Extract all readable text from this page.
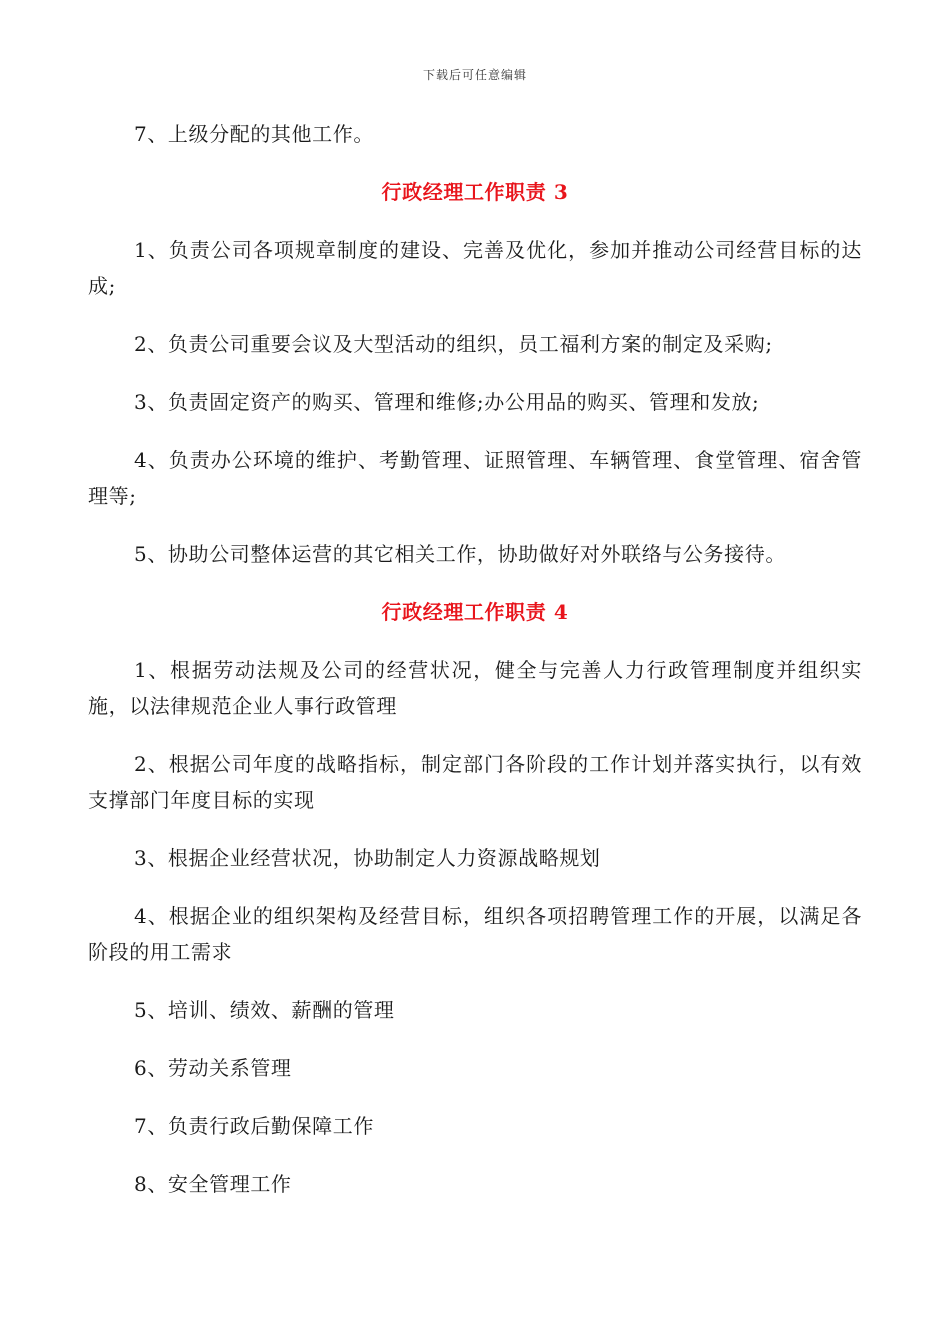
下载后可任意编辑

7、上级分配的其他工作。

行政经理工作职责 3

1、负责公司各项规章制度的建设、完善及优化，参加并推动公司经营目标的达成;

2、负责公司重要会议及大型活动的组织，员工福利方案的制定及采购;

3、负责固定资产的购买、管理和维修;办公用品的购买、管理和发放;

4、负责办公环境的维护、考勤管理、证照管理、车辆管理、食堂管理、宿舍管理等;

5、协助公司整体运营的其它相关工作，协助做好对外联络与公务接待。

行政经理工作职责 4

1、根据劳动法规及公司的经营状况，健全与完善人力行政管理制度并组织实施，以法律规范企业人事行政管理

2、根据公司年度的战略指标，制定部门各阶段的工作计划并落实执行，以有效支撑部门年度目标的实现

3、根据企业经营状况，协助制定人力资源战略规划

4、根据企业的组织架构及经营目标，组织各项招聘管理工作的开展，以满足各阶段的用工需求

5、培训、绩效、薪酬的管理

6、劳动关系管理

7、负责行政后勤保障工作

8、安全管理工作
